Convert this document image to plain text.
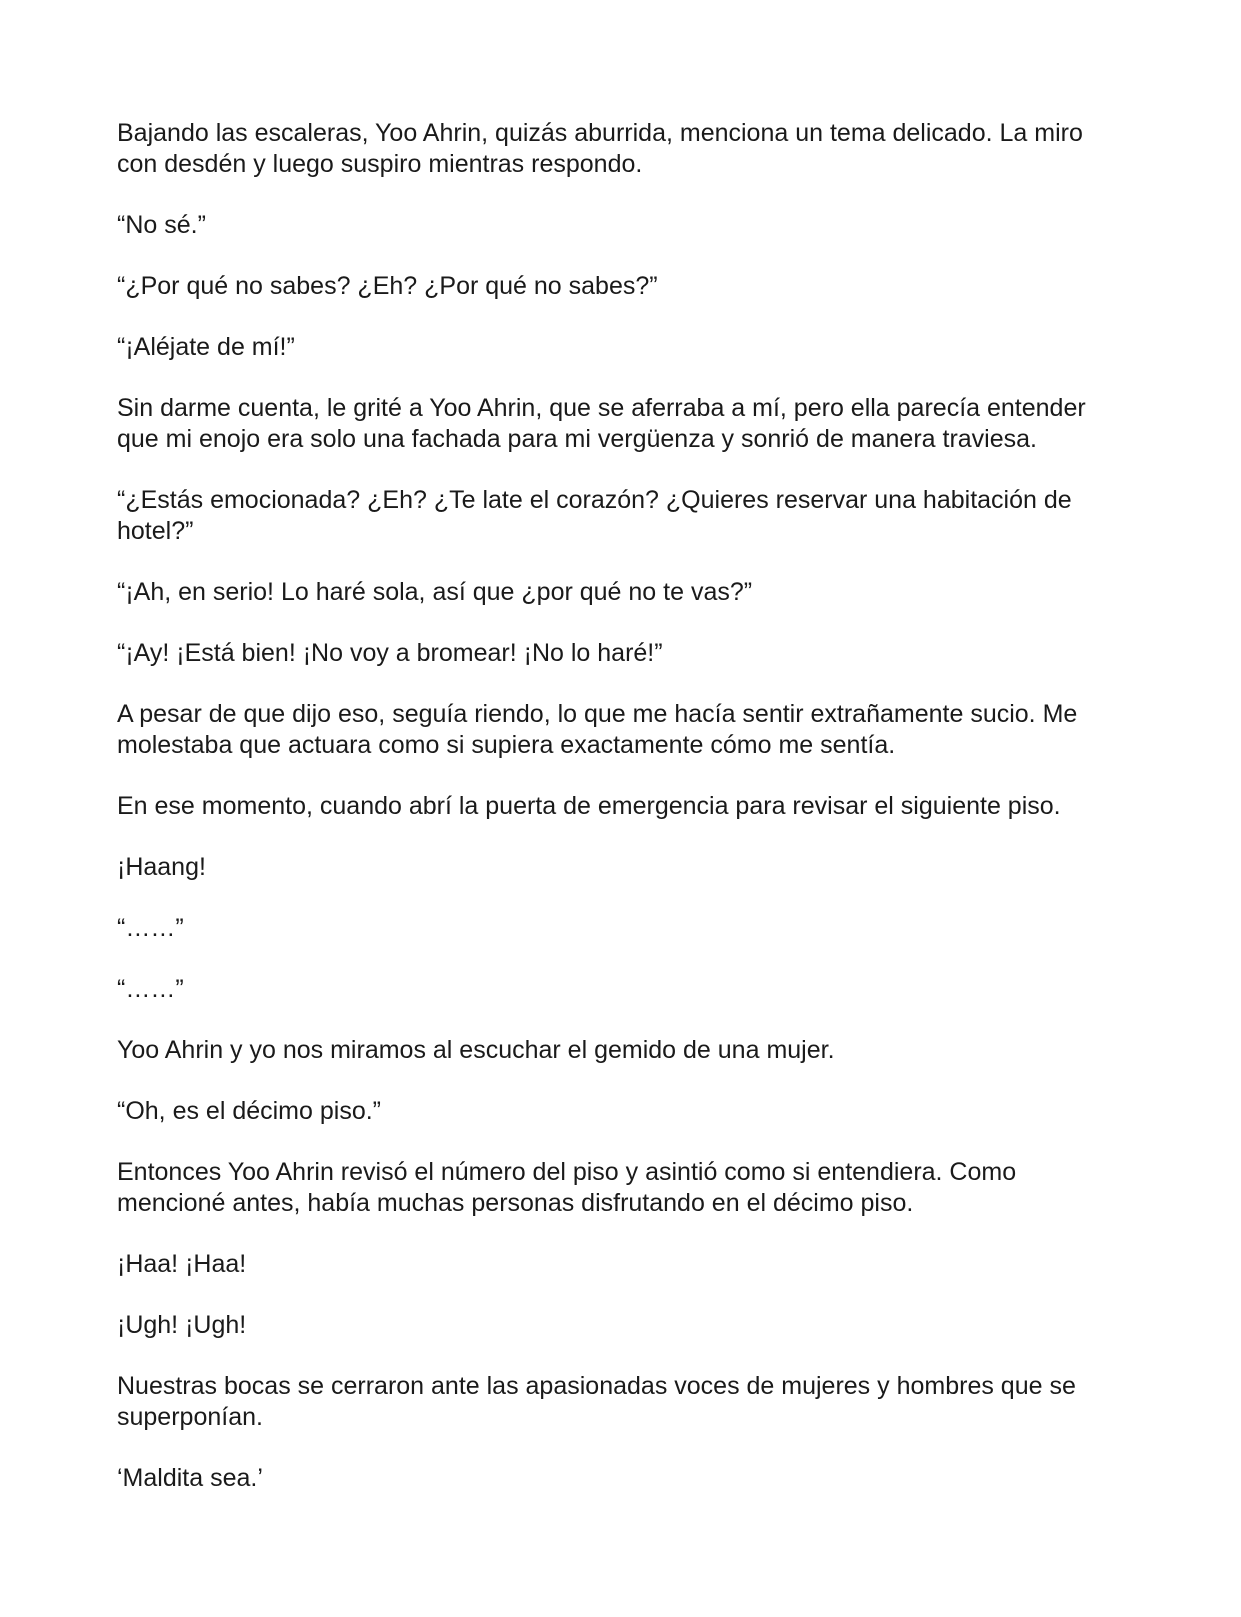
Bajando las escaleras, Yoo Ahrin, quizás aburrida, menciona un tema delicado. La miro con desdén y luego suspiro mientras respondo.

“No sé.”

“¿Por qué no sabes? ¿Eh? ¿Por qué no sabes?”

“¡Aléjate de mí!”

Sin darme cuenta, le grité a Yoo Ahrin, que se aferraba a mí, pero ella parecía entender que mi enojo era solo una fachada para mi vergüenza y sonrió de manera traviesa.

“¿Estás emocionada? ¿Eh? ¿Te late el corazón? ¿Quieres reservar una habitación de hotel?”

“¡Ah, en serio! Lo haré sola, así que ¿por qué no te vas?”

“¡Ay! ¡Está bien! ¡No voy a bromear! ¡No lo haré!”

A pesar de que dijo eso, seguía riendo, lo que me hacía sentir extrañamente sucio. Me molestaba que actuara como si supiera exactamente cómo me sentía.

En ese momento, cuando abrí la puerta de emergencia para revisar el siguiente piso.

¡Haang!

“……”

“……”

Yoo Ahrin y yo nos miramos al escuchar el gemido de una mujer.

“Oh, es el décimo piso.”

Entonces Yoo Ahrin revisó el número del piso y asintió como si entendiera. Como mencioné antes, había muchas personas disfrutando en el décimo piso.

¡Haa! ¡Haa!

¡Ugh! ¡Ugh!

Nuestras bocas se cerraron ante las apasionadas voces de mujeres y hombres que se superponían.

‘Maldita sea.’
